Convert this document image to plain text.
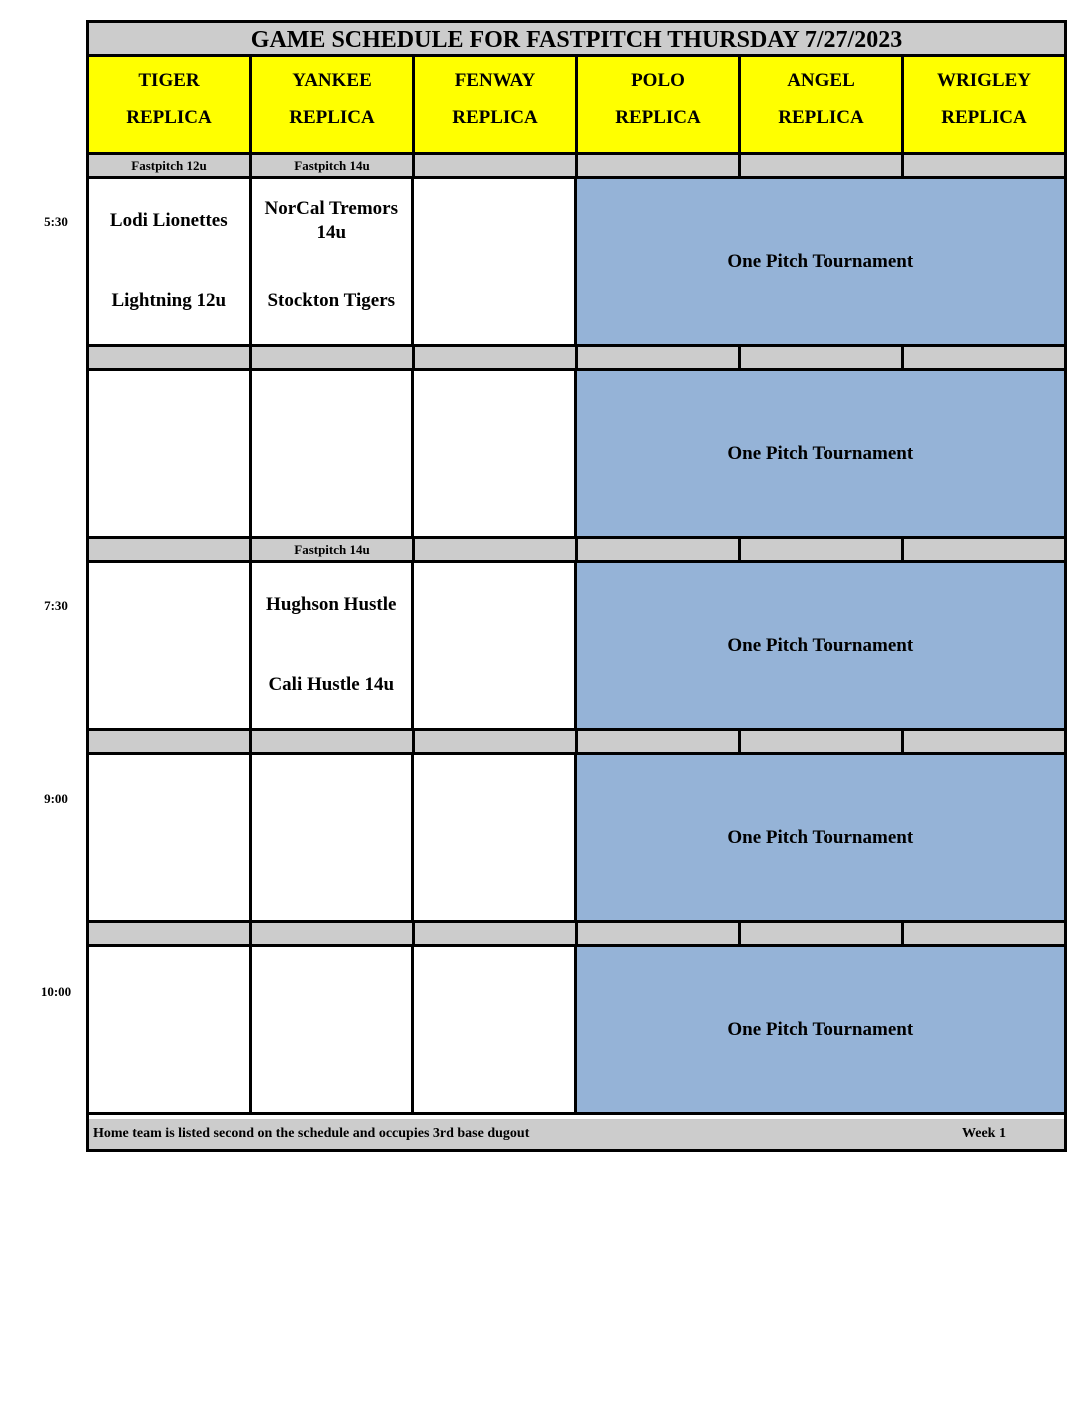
5:30
7:30
9:00
10:00
GAME SCHEDULE FOR FASTPITCH THURSDAY 7/27/2023
TIGER
REPLICA
YANKEE
REPLICA
FENWAY
REPLICA
POLO
REPLICA
ANGEL
REPLICA
WRIGLEY
REPLICA
Fastpitch 12u	Fastpitch 14u
Lodi Lionettes
Lightning 12u
NorCal Tremors 14u
Stockton Tigers
One Pitch Tournament
One Pitch Tournament
Fastpitch 14u
Hughson Hustle
Cali Hustle 14u
One Pitch Tournament
One Pitch Tournament
One Pitch Tournament
Home team is listed second on the schedule and occupies 3rd base dugout	Week 1
